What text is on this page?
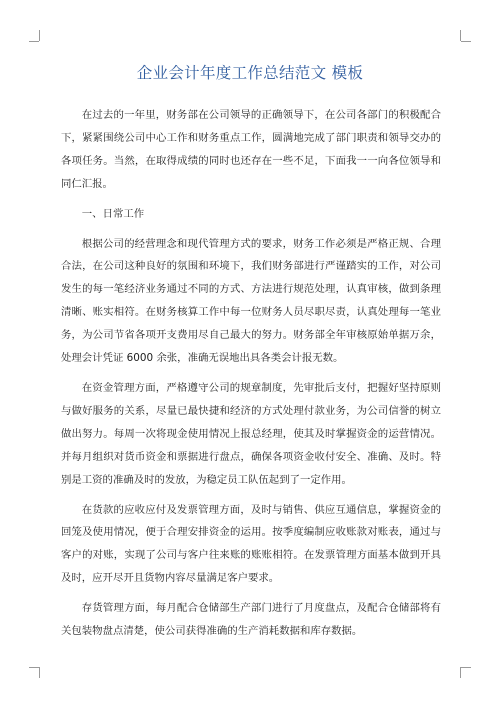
企业会计年度工作总结范文 模板

在过去的一年里，财务部在公司领导的正确领导下，在公司各部门的积极配合下，紧紧围绕公司中心工作和财务重点工作，圆满地完成了部门职责和领导交办的各项任务。当然，在取得成绩的同时也还存在一些不足，下面我一一向各位领导和同仁汇报。

一、日常工作

根据公司的经营理念和现代管理方式的要求，财务工作必须是严格正规、合理合法，在公司这种良好的氛围和环境下，我们财务部进行严谨踏实的工作，对公司发生的每一笔经济业务通过不同的方式、方法进行规范处理，认真审核，做到条理清晰、账实相符。在财务核算工作中每一位财务人员尽职尽责，认真处理每一笔业务，为公司节省各项开支费用尽自己最大的努力。财务部全年审核原始单据万余，处理会计凭证 6000 余张，准确无误地出具各类会计报无数。

在资金管理方面，严格遵守公司的规章制度，先审批后支付，把握好坚持原则与做好服务的关系，尽量已最快捷和经济的方式处理付款业务，为公司信誉的树立做出努力。每周一次将现金使用情况上报总经理，使其及时掌握资金的运营情况。并每月组织对货币资金和票据进行盘点，确保各项资金收付安全、准确、及时。特别是工资的准确及时的发放，为稳定员工队伍起到了一定作用。

在货款的应收应付及发票管理方面，及时与销售、供应互通信息，掌握资金的回笼及使用情况，便于合理安排资金的运用。按季度编制应收账款对账表，通过与客户的对账，实现了公司与客户往来账的账账相符。在发票管理方面基本做到开具及时，应开尽开且货物内容尽量满足客户要求。

存货管理方面，每月配合仓储部生产部门进行了月度盘点，及配合仓储部将有关包装物盘点清楚，使公司获得准确的生产消耗数据和库存数据。
